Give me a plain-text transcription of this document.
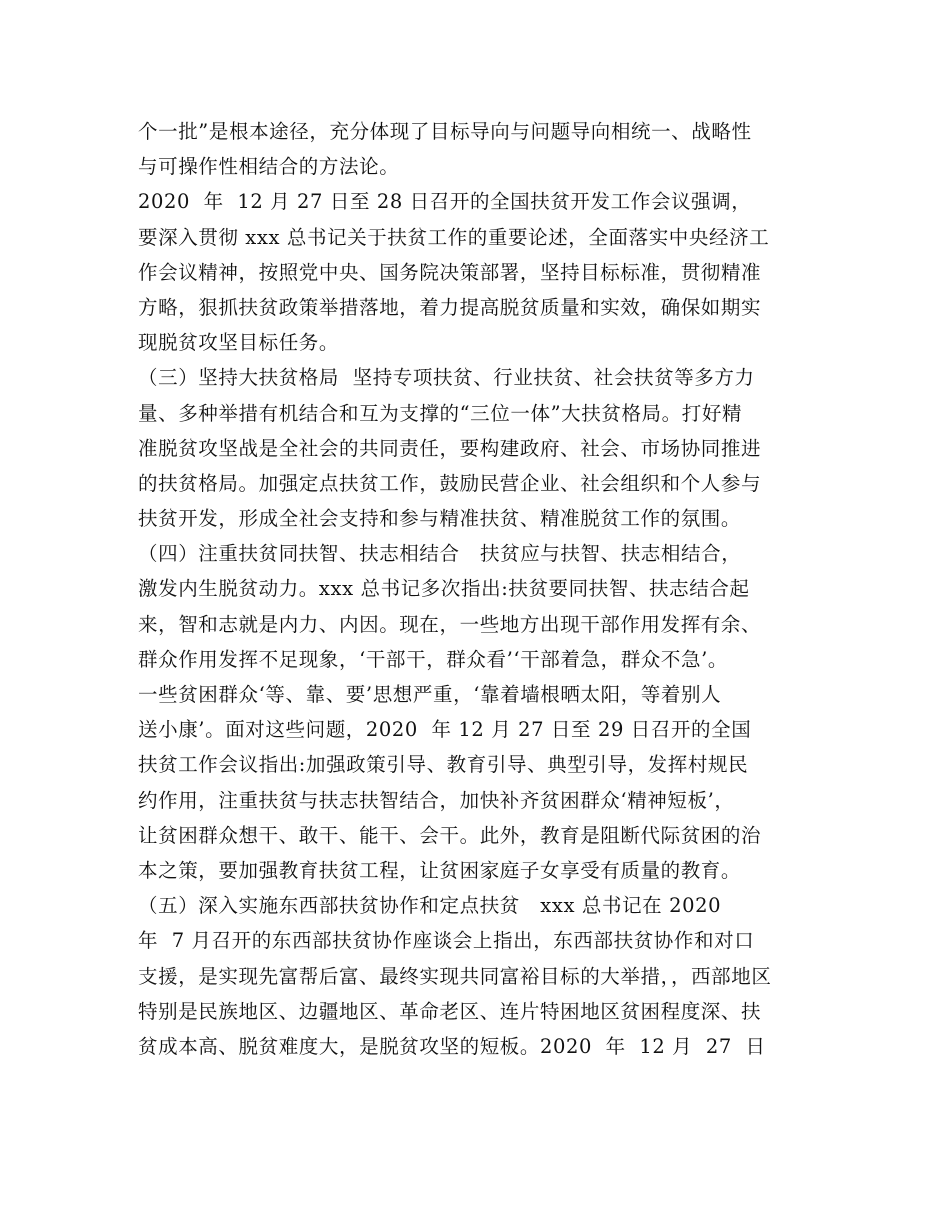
个一批”是根本途径，充分体现了目标导向与问题导向相统一、战略性
与可操作性相结合的方法论。
2020  年  12 月 27 日至 28 日召开的全国扶贫开发工作会议强调，
要深入贯彻 xxx 总书记关于扶贫工作的重要论述，全面落实中央经济工
作会议精神，按照党中央、国务院决策部署，坚持目标标准，贯彻精准
方略，狠抓扶贫政策举措落地，着力提高脱贫质量和实效，确保如期实
现脱贫攻坚目标任务。
（三）坚持大扶贫格局  坚持专项扶贫、行业扶贫、社会扶贫等多方力
量、多种举措有机结合和互为支撑的“三位一体”大扶贫格局。打好精
准脱贫攻坚战是全社会的共同责任，要构建政府、社会、市场协同推进
的扶贫格局。加强定点扶贫工作，鼓励民营企业、社会组织和个人参与
扶贫开发，形成全社会支持和参与精准扶贫、精准脱贫工作的氛围。
（四）注重扶贫同扶智、扶志相结合   扶贫应与扶智、扶志相结合，
激发内生脱贫动力。xxx 总书记多次指出:扶贫要同扶智、扶志结合起
来，智和志就是内力、内因。现在，一些地方出现干部作用发挥有余、
群众作用发挥不足现象，‘干部干，群众看’‘干部着急，群众不急’。
一些贫困群众‘等、靠、要’思想严重，‘靠着墙根晒太阳，等着别人
送小康’。面对这些问题，2020  年 12 月 27 日至 29 日召开的全国
扶贫工作会议指出:加强政策引导、教育引导、典型引导，发挥村规民
约作用，注重扶贫与扶志扶智结合，加快补齐贫困群众‘精神短板’，
让贫困群众想干、敢干、能干、会干。此外，教育是阻断代际贫困的治
本之策，要加强教育扶贫工程，让贫困家庭子女享受有质量的教育。
（五）深入实施东西部扶贫协作和定点扶贫   xxx 总书记在 2020
年  7 月召开的东西部扶贫协作座谈会上指出，东西部扶贫协作和对口
支援，是实现先富帮后富、最终实现共同富裕目标的大举措，，西部地区
特别是民族地区、边疆地区、革命老区、连片特困地区贫困程度深、扶
贫成本高、脱贫难度大，是脱贫攻坚的短板。2020  年  12 月  27  日
